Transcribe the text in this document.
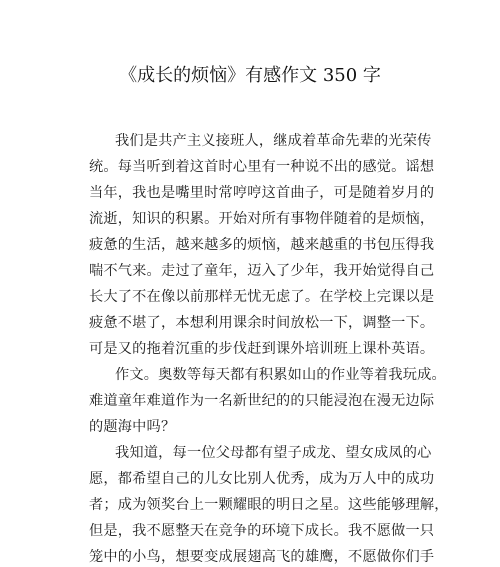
《成长的烦恼》有感作文 350 字
我们是共产主义接班人，继成着革命先辈的光荣传
统。每当听到着这首时心里有一种说不出的感觉。谣想
当年，我也是嘴里时常哼哼这首曲子，可是随着岁月的
流逝，知识的积累。开始对所有事物伴随着的是烦恼，
疲惫的生活，越来越多的烦恼，越来越重的书包压得我
喘不气来。走过了童年，迈入了少年，我开始觉得自己
长大了不在像以前那样无忧无虑了。在学校上完课以是
疲惫不堪了，本想利用课余时间放松一下，调整一下。
可是又的拖着沉重的步伐赶到课外培训班上课朴英语。
作文。奥数等每天都有积累如山的作业等着我玩成。
难道童年难道作为一名新世纪的的只能浸泡在漫无边际
的题海中吗？
我知道，每一位父母都有望子成龙、望女成凤的心
愿，都希望自己的儿女比别人优秀，成为万人中的成功
者；成为领奖台上一颗耀眼的明日之星。这些能够理解，
但是，我不愿整天在竞争的环境下成长。我不愿做一只
笼中的小鸟，想要变成展翅高飞的雄鹰，不愿做你们手
